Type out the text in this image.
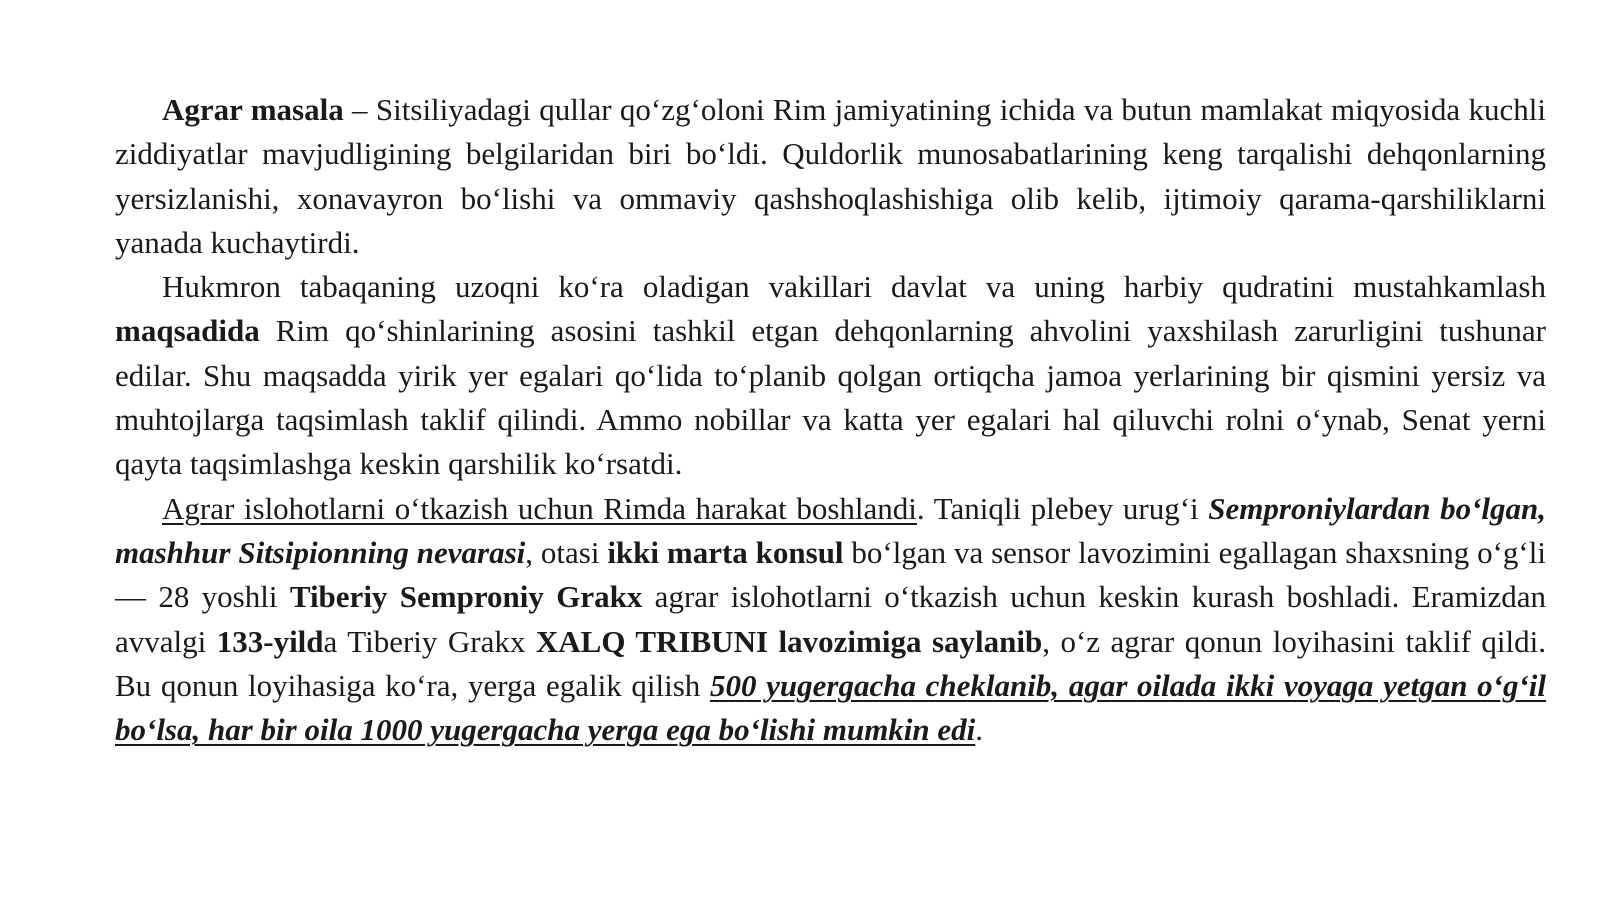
Agrar masala – Sitsiliyadagi qullar qo‘zg‘oloni Rim jamiyatining ichida va butun mamlakat miqyosida kuchli ziddiyatlar mavjudligining belgilaridan biri bo‘ldi. Quldorlik munosabatlarining keng tarqalishi dehqonlarning yersizlanishi, xonavayron bo‘lishi va ommaviy qashshoqlashishiga olib kelib, ijtimoiy qarama-qarshiliklarni yanada kuchaytirdi.

Hukmron tabaqaning uzoqni ko‘ra oladigan vakillari davlat va uning harbiy qudratini mustahkamlash maqsadida Rim qo‘shinlarining asosini tashkil etgan dehqonlarning ahvolini yaxshilash zarurligini tushunar edilar. Shu maqsadda yirik yer egalari qo‘lida to‘planib qolgan ortiqcha jamoa yerlarining bir qismini yersiz va muhtojlarga taqsimlash taklif qilindi. Ammo nobillar va katta yer egalari hal qiluvchi rolni o‘ynab, Senat yerni qayta taqsimlashga keskin qarshilik ko‘rsatdi.

Agrar islohotlarni o‘tkazish uchun Rimda harakat boshlandi. Taniqli plebey urug‘i Semproniylardan bo‘lgan, mashhur Sitsipionning nevarasi, otasi ikki marta konsul bo‘lgan va sensor lavozimini egallagan shaxsning o‘g‘li — 28 yoshli Tiberiy Semproniy Grakx agrar islohotlarni o‘tkazish uchun keskin kurash boshladi. Eramizdan avvalgi 133-yilda Tiberiy Grakx XALQ TRIBUNI lavozimiga saylanib, o‘z agrar qonun loyihasini taklif qildi. Bu qonun loyihasiga ko‘ra, yerga egalik qilish 500 yugergacha cheklanib, agar oilada ikki voyaga yetgan o‘g‘il bo‘lsa, har bir oila 1000 yugergacha yerga ega bo‘lishi mumkin edi.
